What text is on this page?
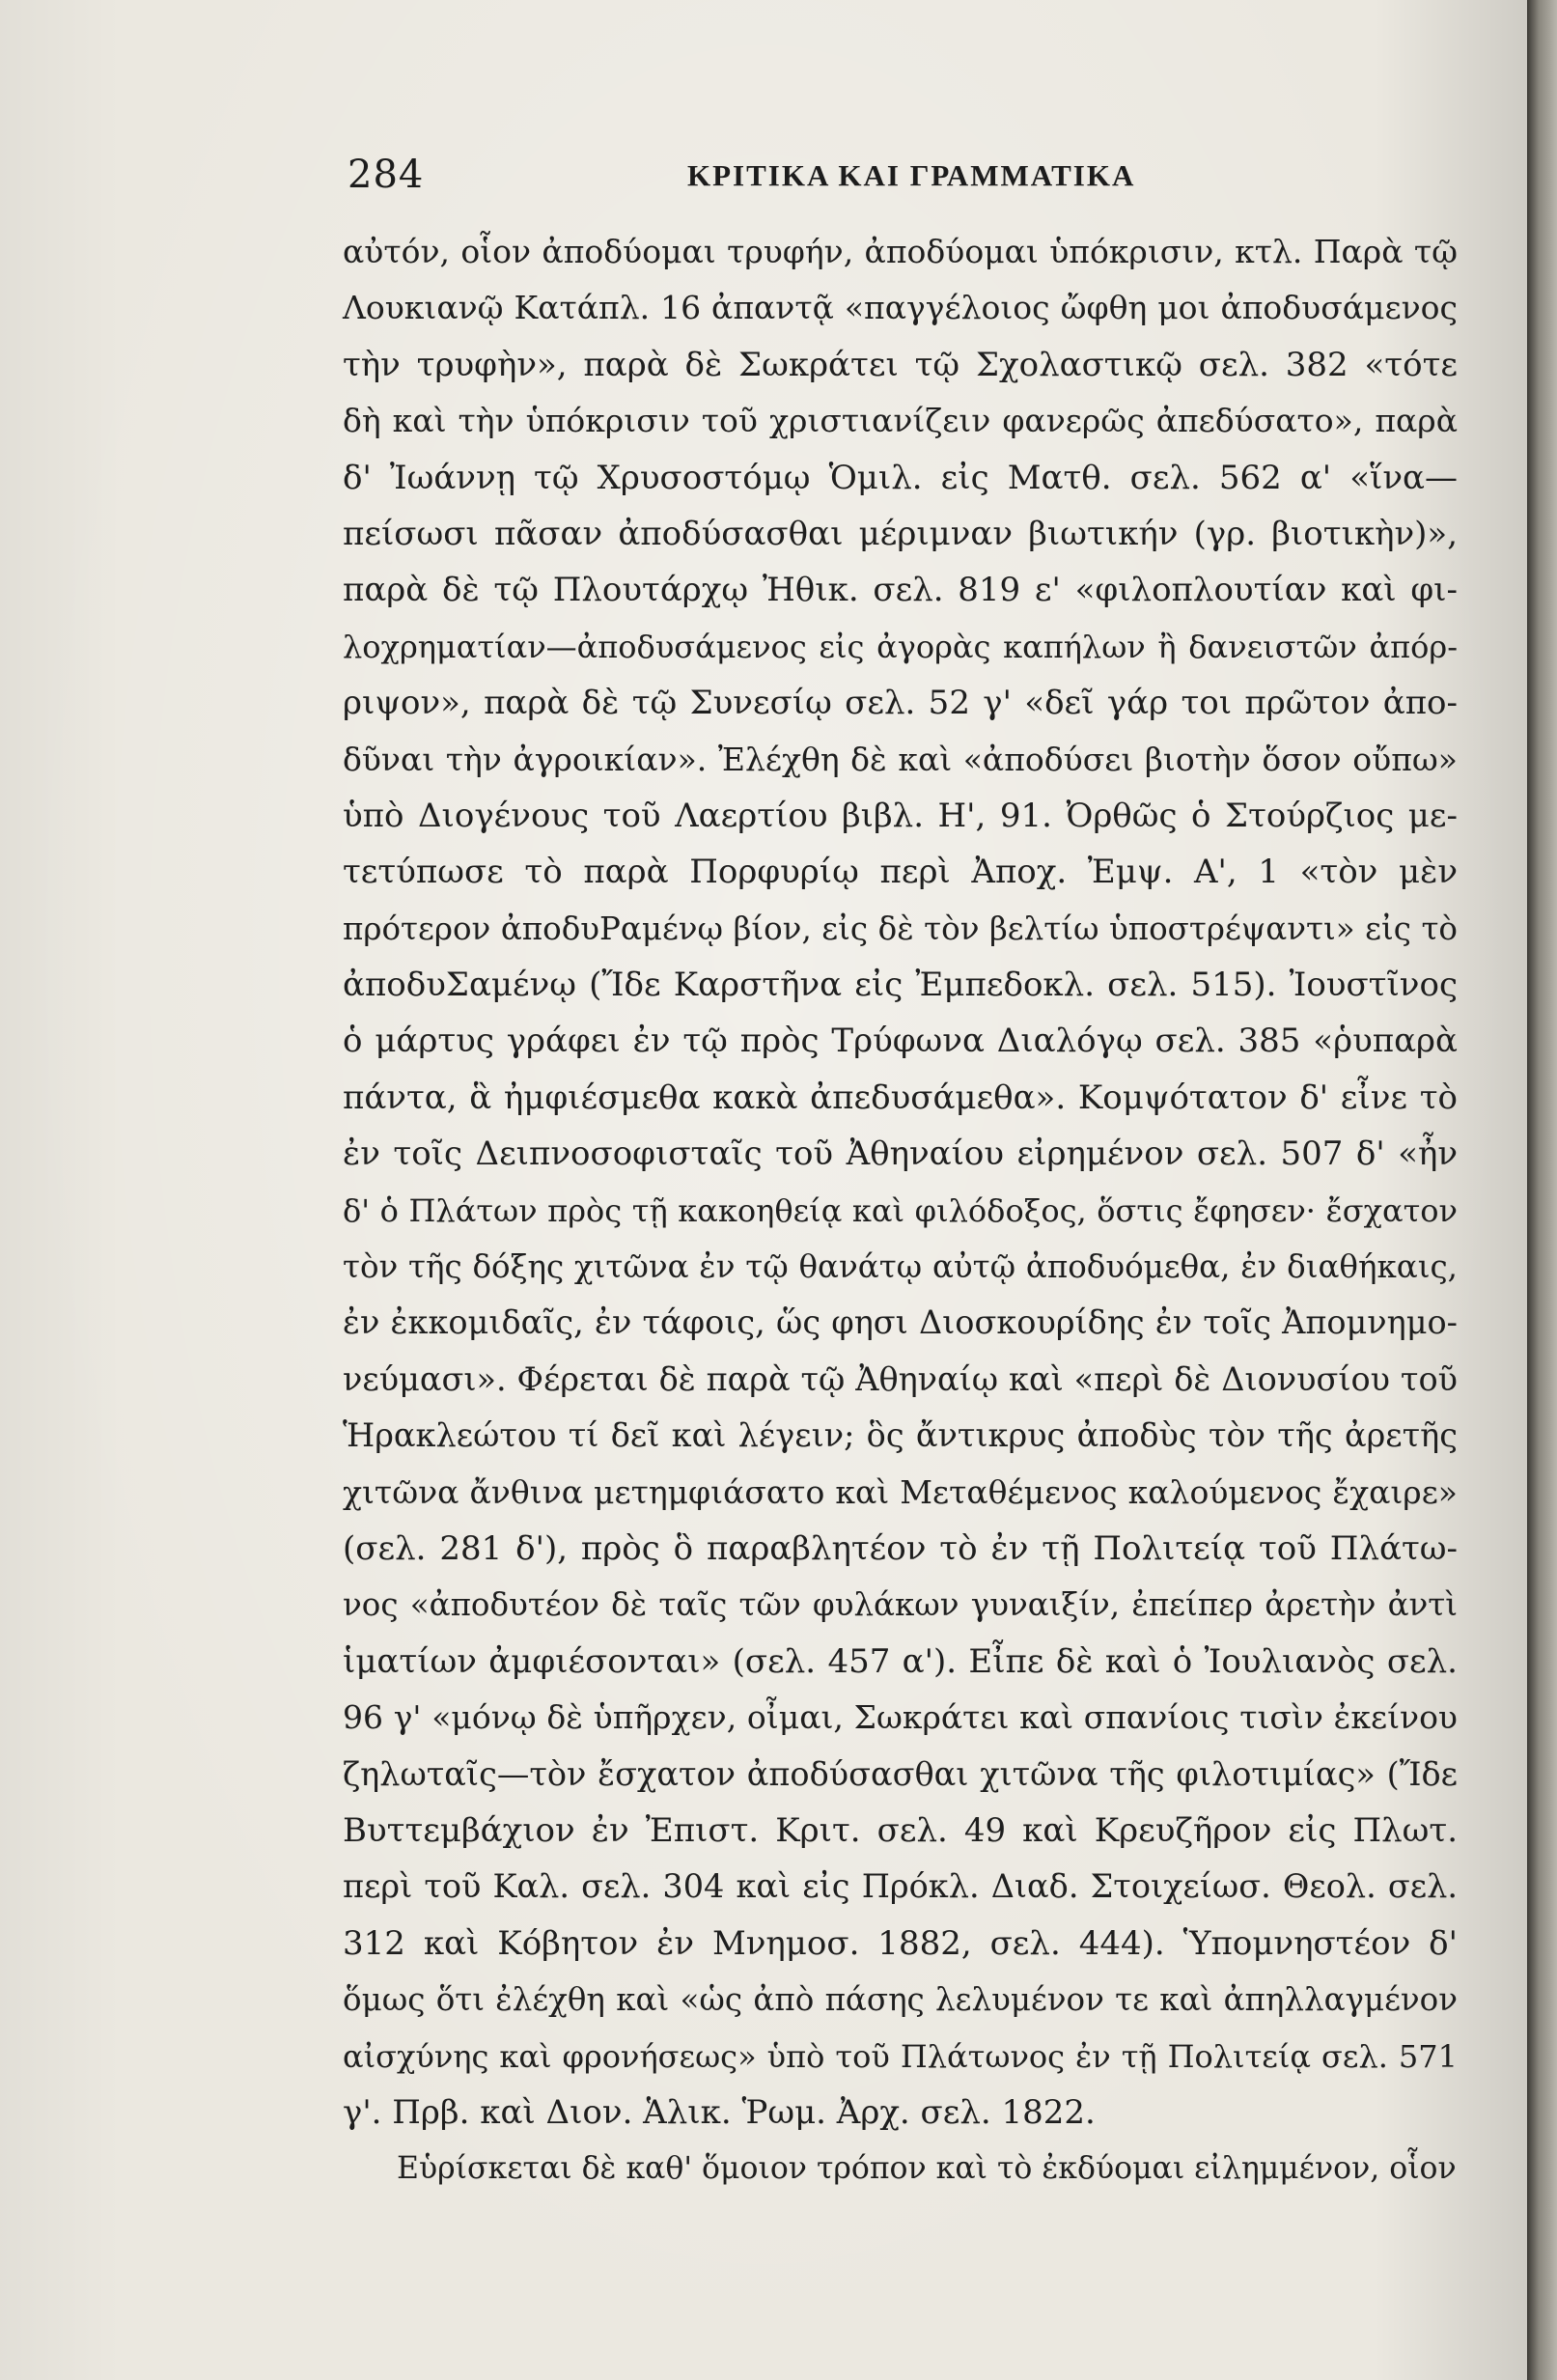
284	ΚΡΙΤΙΚΑ ΚΑΙ ΓΡΑΜΜΑΤΙΚΑ
αὐτόν, οἷον ἀποδύομαι τρυφήν, ἀποδύομαι ὑπόκρισιν, κτλ. Παρὰ τῷ
Λουκιανῷ Κατάπλ. 16 ἀπαντᾷ «παγγέλοιος ὤφθη μοι ἀποδυσάμενος
τὴν τρυφὴν», παρὰ δὲ Σωκράτει τῷ Σχολαστικῷ σελ. 382 «τότε
δὴ καὶ τὴν ὑπόκρισιν τοῦ χριστιανίζειν φανερῶς ἀπεδύσατο», παρὰ
δ' Ἰωάννῃ τῷ Χρυσοστόμῳ Ὁμιλ. εἰς Ματθ. σελ. 562 α' «ἵνα—
πείσωσι πᾶσαν ἀποδύσασθαι μέριμναν βιωτικήν (γρ. βιοτικὴν)»,
παρὰ δὲ τῷ Πλουτάρχῳ Ἠθικ. σελ. 819 ε' «φιλοπλουτίαν καὶ φι-
λοχρηματίαν—ἀποδυσάμενος εἰς ἀγορὰς καπήλων ἢ δανειστῶν ἀπόρ-
ριψον», παρὰ δὲ τῷ Συνεσίῳ σελ. 52 γ' «δεῖ γάρ τοι πρῶτον ἀπο-
δῦναι τὴν ἀγροικίαν». Ἐλέχθη δὲ καὶ «ἀποδύσει βιοτὴν ὅσον οὔπω»
ὑπὸ Διογένους τοῦ Λαερτίου βιβλ. Η', 91. Ὀρθῶς ὁ Στούρζιος με-
τετύπωσε τὸ παρὰ Πορφυρίῳ περὶ Ἀποχ. Ἐμψ. Α', 1 «τὸν μὲν
πρότερον ἀποδυΡαμένῳ βίον, εἰς δὲ τὸν βελτίω ὑποστρέψαντι» εἰς τὸ
ἀποδυΣαμένῳ (Ἴδε Καρστῆνα εἰς Ἐμπεδοκλ. σελ. 515). Ἰουστῖνος
ὁ μάρτυς γράφει ἐν τῷ πρὸς Τρύφωνα Διαλόγῳ σελ. 385 «ῥυπαρὰ
πάντα, ἃ ἠμφιέσμεθα κακὰ ἀπεδυσάμεθα». Κομψότατον δ' εἶνε τὸ
ἐν τοῖς Δειπνοσοφισταῖς τοῦ Ἀθηναίου εἰρημένον σελ. 507 δ' «ἦν
δ' ὁ Πλάτων πρὸς τῇ κακοηθείᾳ καὶ φιλόδοξος, ὅστις ἔφησεν· ἔσχατον
τὸν τῆς δόξης χιτῶνα ἐν τῷ θανάτῳ αὐτῷ ἀποδυόμεθα, ἐν διαθήκαις,
ἐν ἐκκομιδαῖς, ἐν τάφοις, ὥς φησι Διοσκουρίδης ἐν τοῖς Ἀπομνημο-
νεύμασι». Φέρεται δὲ παρὰ τῷ Ἀθηναίῳ καὶ «περὶ δὲ Διονυσίου τοῦ
Ἡρακλεώτου τί δεῖ καὶ λέγειν; ὃς ἄντικρυς ἀποδὺς τὸν τῆς ἀρετῆς
χιτῶνα ἄνθινα μετημφιάσατο καὶ Μεταθέμενος καλούμενος ἔχαιρε»
(σελ. 281 δ'), πρὸς ὃ παραβλητέον τὸ ἐν τῇ Πολιτείᾳ τοῦ Πλάτω-
νος «ἀποδυτέον δὲ ταῖς τῶν φυλάκων γυναιξίν, ἐπείπερ ἀρετὴν ἀντὶ
ἱματίων ἀμφιέσονται» (σελ. 457 α'). Εἶπε δὲ καὶ ὁ Ἰουλιανὸς σελ.
96 γ' «μόνῳ δὲ ὑπῆρχεν, οἶμαι, Σωκράτει καὶ σπανίοις τισὶν ἐκείνου
ζηλωταῖς—τὸν ἔσχατον ἀποδύσασθαι χιτῶνα τῆς φιλοτιμίας» (Ἴδε
Βυττεμβάχιον ἐν Ἐπιστ. Κριτ. σελ. 49 καὶ Κρευζῆρον εἰς Πλωτ.
περὶ τοῦ Καλ. σελ. 304 καὶ εἰς Πρόκλ. Διαδ. Στοιχείωσ. Θεολ. σελ.
312 καὶ Κόβητον ἐν Μνημοσ. 1882, σελ. 444). Ὑπομνηστέον δ'
ὅμως ὅτι ἐλέχθη καὶ «ὡς ἀπὸ πάσης λελυμένον τε καὶ ἀπηλλαγμένον
αἰσχύνης καὶ φρονήσεως» ὑπὸ τοῦ Πλάτωνος ἐν τῇ Πολιτείᾳ σελ. 571
γ'. Πρβ. καὶ Διον. Ἁλικ. Ῥωμ. Ἀρχ. σελ. 1822.
Εὑρίσκεται δὲ καθ' ὅμοιον τρόπον καὶ τὸ ἐκδύομαι εἰλημμένον, οἷον
